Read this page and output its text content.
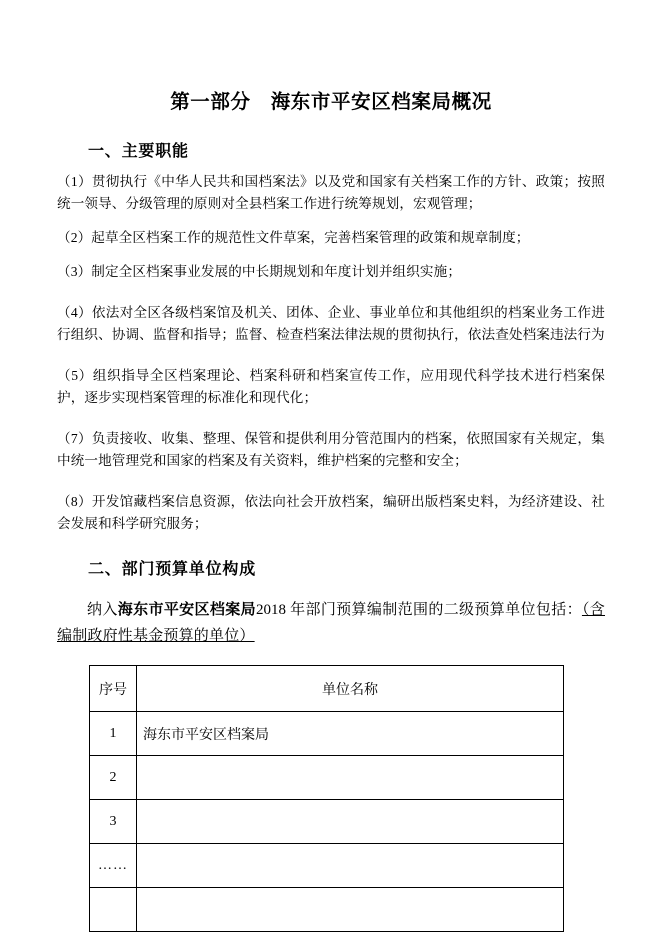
第一部分　海东市平安区档案局概况
一、主要职能

（1）贯彻执行《中华人民共和国档案法》以及党和国家有关档案工作的方针、政策；按照统一领导、分级管理的原则对全县档案工作进行统筹规划，宏观管理；

（2）起草全区档案工作的规范性文件草案，完善档案管理的政策和规章制度；

（3）制定全区档案事业发展的中长期规划和年度计划并组织实施；

（4）依法对全区各级档案馆及机关、团体、企业、事业单位和其他组织的档案业务工作进行组织、协调、监督和指导；监督、检查档案法律法规的贯彻执行，依法查处档案违法行为

（5）组织指导全区档案理论、档案科研和档案宣传工作，应用现代科学技术进行档案保护，逐步实现档案管理的标准化和现代化；

（7）负责接收、收集、整理、保管和提供利用分管范围内的档案，依照国家有关规定，集中统一地管理党和国家的档案及有关资料，维护档案的完整和安全；

（8）开发馆藏档案信息资源，依法向社会开放档案，编研出版档案史料，为经济建设、社会发展和科学研究服务；

二、部门预算单位构成

纳入海东市平安区档案局2018 年部门预算编制范围的二级预算单位包括：（含编制政府性基金预算的单位）

序号	单位名称
1	海东市平安区档案局
2	
3	
……	
